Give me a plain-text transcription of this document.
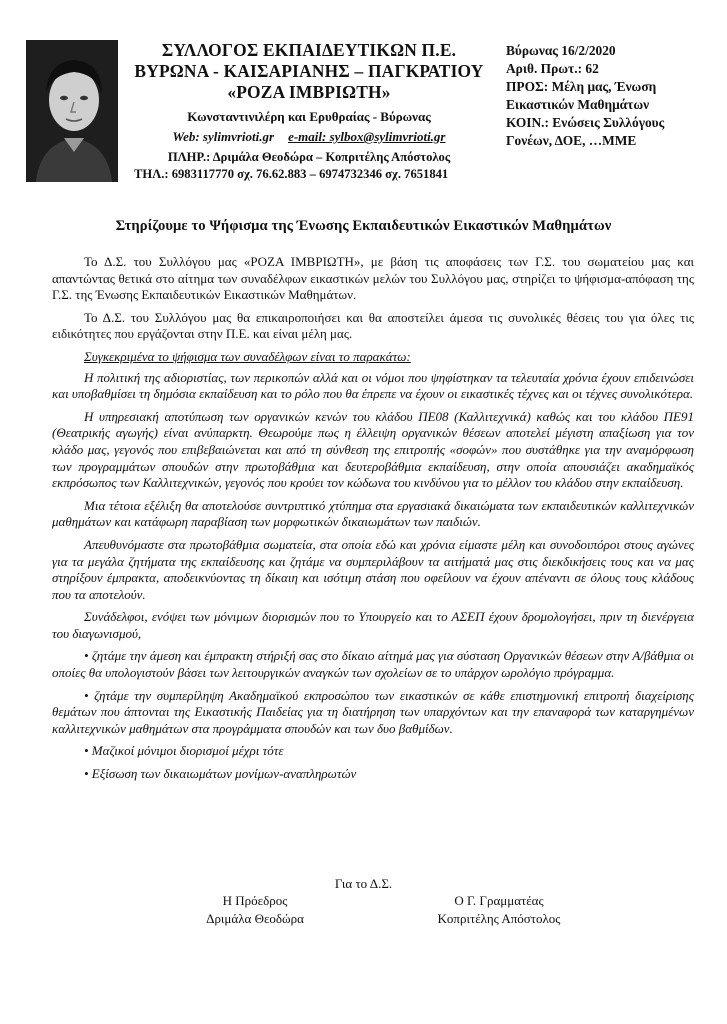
ΣΥΛΛΟΓΟΣ ΕΚΠΑΙΔΕΥΤΙΚΩΝ Π.Ε.
ΒΥΡΩΝΑ - ΚΑΙΣΑΡΙΑΝΗΣ – ΠΑΓΚΡΑΤΙΟΥ
«ΡΟΖΑ ΙΜΒΡΙΩΤΗ»
Κωνσταντινιλέρη και Ερυθραίας - Βύρωνας
Web: sylimvrioti.gr e-mail: sylbox@sylimvrioti.gr
ΠΛΗΡ.: Δριμάλα Θεοδώρα – Κοπριτέλης Απόστολος
ΤΗΛ.: 6983117770 σχ. 76.62.883 – 6974732346 σχ. 7651841
Βύρωνας 16/2/2020
Αριθ. Πρωτ.: 62
ΠΡΟΣ: Μέλη μας, Ένωση
Εικαστικών Μαθημάτων
ΚΟΙΝ.: Ενώσεις Συλλόγους
Γονέων, ΔΟΕ, …ΜΜΕ
Στηρίζουμε το Ψήφισμα της Ένωσης Εκπαιδευτικών Εικαστικών Μαθημάτων

Το Δ.Σ. του Συλλόγου μας «ΡΟΖΑ ΙΜΒΡΙΩΤΗ», με βάση τις αποφάσεις των Γ.Σ. του σωματείου μας και απαντώντας θετικά στο αίτημα των συναδέλφων εικαστικών μελών του Συλλόγου μας, στηρίζει το ψήφισμα-απόφαση της Γ.Σ. της Ένωσης Εκπαιδευτικών Εικαστικών Μαθημάτων.

Το Δ.Σ. του Συλλόγου μας θα επικαιροποιήσει και θα αποστείλει άμεσα τις συνολικές θέσεις του για όλες τις ειδικότητες που εργάζονται στην Π.Ε. και είναι μέλη μας.

Συγκεκριμένα το ψήφισμα των συναδέλφων είναι το παρακάτω:

Η πολιτική της αδιοριστίας, των περικοπών αλλά και οι νόμοι που ψηφίστηκαν τα τελευταία χρόνια έχουν επιδεινώσει και υποβαθμίσει τη δημόσια εκπαίδευση και το ρόλο που θα έπρεπε να έχουν οι εικαστικές τέχνες και οι τέχνες συνολικότερα.

Η υπηρεσιακή αποτύπωση των οργανικών κενών του κλάδου ΠΕ08 (Καλλιτεχνικά) καθώς και του κλάδου ΠΕ91 (Θεατρικής αγωγής) είναι ανύπαρκτη. Θεωρούμε πως η έλλειψη οργανικών θέσεων αποτελεί μέγιστη απαξίωση για τον κλάδο μας, γεγονός που επιβεβαιώνεται και από τη σύνθεση της επιτροπής «σοφών» που συστάθηκε για την αναμόρφωση των προγραμμάτων σπουδών στην πρωτοβάθμια και δευτεροβάθμια εκπαίδευση, στην οποία απουσιάζει ακαδημαϊκός εκπρόσωπος των Καλλιτεχνικών, γεγονός που κρούει τον κώδωνα του κινδύνου για το μέλλον του κλάδου στην εκπαίδευση.

Μια τέτοια εξέλιξη θα αποτελούσε συντριπτικό χτύπημα στα εργασιακά δικαιώματα των εκπαιδευτικών καλλιτεχνικών μαθημάτων και κατάφωρη παραβίαση των μορφωτικών δικαιωμάτων των παιδιών.

Απευθυνόμαστε στα πρωτοβάθμια σωματεία, στα οποία εδώ και χρόνια είμαστε μέλη και συνοδοιπόροι στους αγώνες για τα μεγάλα ζητήματα της εκπαίδευσης και ζητάμε να συμπεριλάβουν τα αιτήματά μας στις διεκδικήσεις τους και να μας στηρίξουν έμπρακτα, αποδεικνύοντας τη δίκαιη και ισότιμη στάση που οφείλουν να έχουν απέναντι σε όλους τους κλάδους που τα αποτελούν.

Συνάδελφοι, ενόψει των μόνιμων διορισμών που το Υπουργείο και το ΑΣΕΠ έχουν δρομολογήσει, πριν τη διενέργεια του διαγωνισμού,

• ζητάμε την άμεση και έμπρακτη στήριξή σας στο δίκαιο αίτημά μας για σύσταση Οργανικών θέσεων στην Α/βάθμια οι οποίες θα υπολογιστούν βάσει των λειτουργικών αναγκών των σχολείων σε το υπάρχον ωρολόγιο πρόγραμμα.

• ζητάμε την συμπερίληψη Ακαδημαϊκού εκπροσώπου των εικαστικών σε κάθε επιστημονική επιτροπή διαχείρισης θεμάτων που άπτονται της Εικαστικής Παιδείας για τη διατήρηση των υπαρχόντων και την επαναφορά των καταργημένων καλλιτεχνικών μαθημάτων στα προγράμματα σπουδών και των δυο βαθμίδων.

• Μαζικοί μόνιμοι διορισμοί μέχρι τότε

• Εξίσωση των δικαιωμάτων μονίμων-αναπληρωτών

Για το Δ.Σ.
Η Πρόεδρος
Δριμάλα Θεοδώρα
Ο Γ. Γραμματέας
Κοπριτέλης Απόστολος
